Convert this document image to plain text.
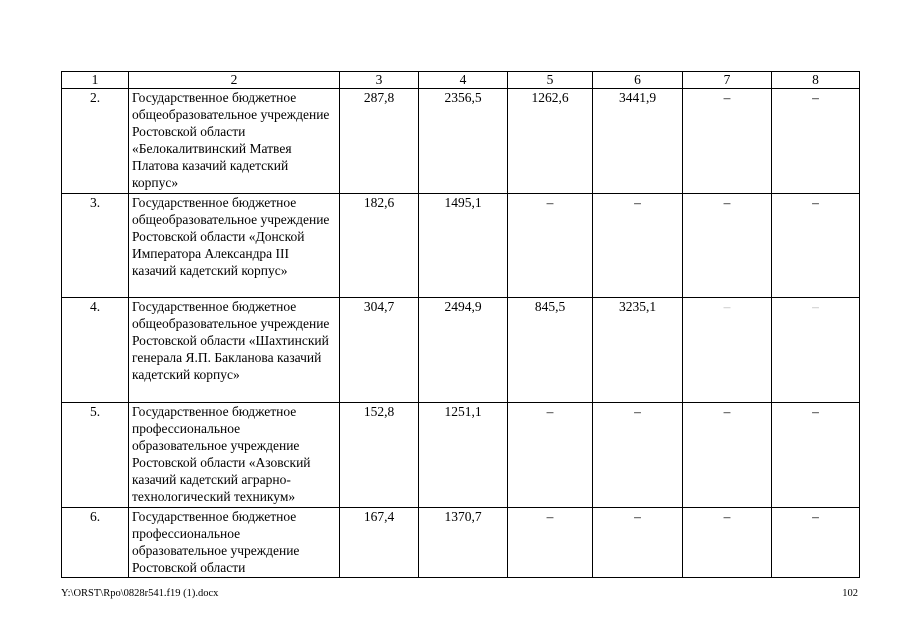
1	2	3	4	5	6	7	8
2.	Государственное бюджетное общеобразовательное учреждение Ростовской области «Белокалитвинский Матвея Платова казачий кадетский корпус»	287,8	2356,5	1262,6	3441,9	–	–
3.	Государственное бюджетное общеобразовательное учреждение Ростовской области «Донской Императора Александра III казачий кадетский корпус»	182,6	1495,1	–	–	–	–
4.	Государственное бюджетное общеобразовательное учреждение Ростовской области «Шахтинский генерала Я.П. Бакланова казачий кадетский корпус»	304,7	2494,9	845,5	3235,1	–	–
5.	Государственное бюджетное профессиональное образовательное учреждение Ростовской области «Азовский казачий кадетский аграрно-технологический техникум»	152,8	1251,1	–	–	–	–
6.	Государственное бюджетное профессиональное образовательное учреждение Ростовской области	167,4	1370,7	–	–	–	–
Y:\ORST\Rpo\0828r541.f19 (1).docx	102
